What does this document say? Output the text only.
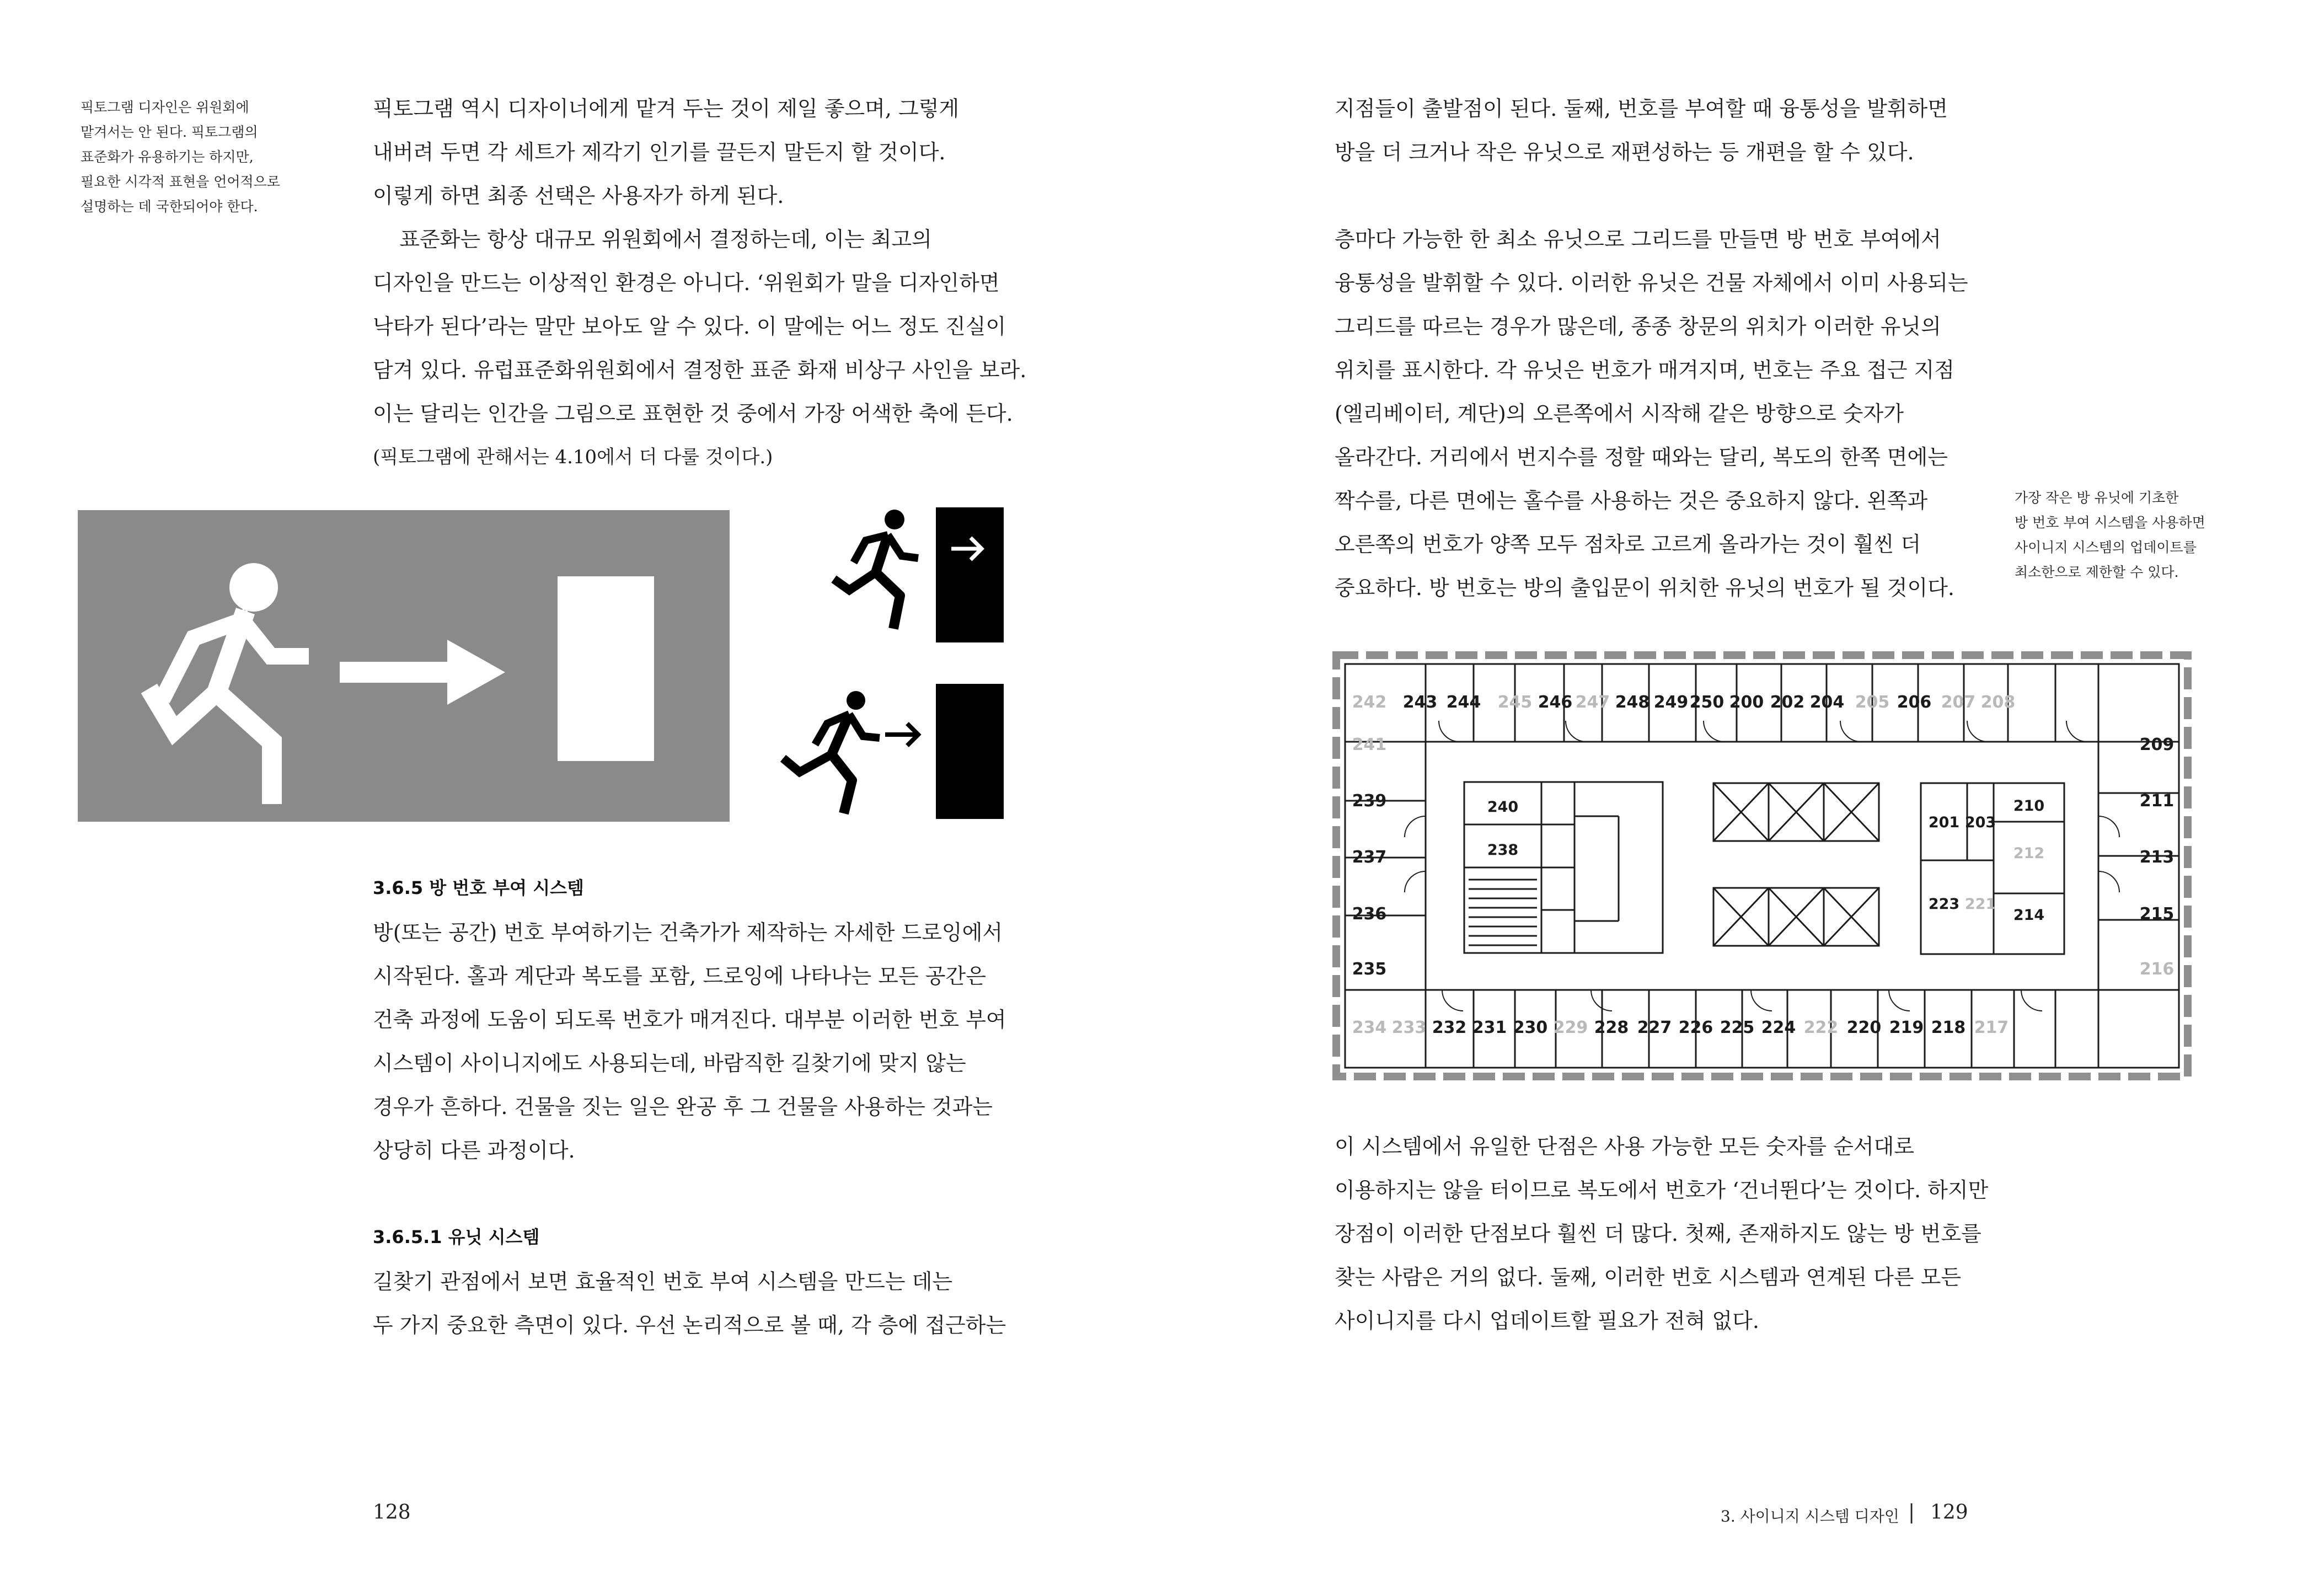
픽토그램 디자인은 위원회에
맡겨서는 안 된다. 픽토그램의
표준화가 유용하기는 하지만,
필요한 시각적 표현을 언어적으로
설명하는 데 국한되어야 한다.
픽토그램 역시 디자이너에게 맡겨 두는 것이 제일 좋으며, 그렇게
내버려 두면 각 세트가 제각기 인기를 끌든지 말든지 할 것이다.
이렇게 하면 최종 선택은 사용자가 하게 된다.
표준화는 항상 대규모 위원회에서 결정하는데, 이는 최고의
디자인을 만드는 이상적인 환경은 아니다. ‘위원회가 말을 디자인하면
낙타가 된다’라는 말만 보아도 알 수 있다. 이 말에는 어느 정도 진실이
담겨 있다. 유럽표준화위원회에서 결정한 표준 화재 비상구 사인을 보라.
이는 달리는 인간을 그림으로 표현한 것 중에서 가장 어색한 축에 든다.
(픽토그램에 관해서는 4.10에서 더 다룰 것이다.)
3.6.5 방 번호 부여 시스템
방(또는 공간) 번호 부여하기는 건축가가 제작하는 자세한 드로잉에서
시작된다. 홀과 계단과 복도를 포함, 드로잉에 나타나는 모든 공간은
건축 과정에 도움이 되도록 번호가 매겨진다. 대부분 이러한 번호 부여
시스템이 사이니지에도 사용되는데, 바람직한 길찾기에 맞지 않는
경우가 흔하다. 건물을 짓는 일은 완공 후 그 건물을 사용하는 것과는
상당히 다른 과정이다.
3.6.5.1 유닛 시스템
길찾기 관점에서 보면 효율적인 번호 부여 시스템을 만드는 데는
두 가지 중요한 측면이 있다. 우선 논리적으로 볼 때, 각 층에 접근하는
128
지점들이 출발점이 된다. 둘째, 번호를 부여할 때 융통성을 발휘하면
방을 더 크거나 작은 유닛으로 재편성하는 등 개편을 할 수 있다.
층마다 가능한 한 최소 유닛으로 그리드를 만들면 방 번호 부여에서
융통성을 발휘할 수 있다. 이러한 유닛은 건물 자체에서 이미 사용되는
그리드를 따르는 경우가 많은데, 종종 창문의 위치가 이러한 유닛의
위치를 표시한다. 각 유닛은 번호가 매겨지며, 번호는 주요 접근 지점
(엘리베이터, 계단)의 오른쪽에서 시작해 같은 방향으로 숫자가
올라간다. 거리에서 번지수를 정할 때와는 달리, 복도의 한쪽 면에는
짝수를, 다른 면에는 홀수를 사용하는 것은 중요하지 않다. 왼쪽과
오른쪽의 번호가 양쪽 모두 점차로 고르게 올라가는 것이 훨씬 더
중요하다. 방 번호는 방의 출입문이 위치한 유닛의 번호가 될 것이다.
가장 작은 방 유닛에 기초한
방 번호 부여 시스템을 사용하면
사이니지 시스템의 업데이트를
최소한으로 제한할 수 있다.
242 243 244 245 246 247 248 249 250 200 202 204 205 206 207 208
234 233 232 231 230 229 228 227 226 225 224 222 220 219 218 217
241
239
237
236
235
209
211
213
215
216
240
238
201 203
210
212
223 221
214
이 시스템에서 유일한 단점은 사용 가능한 모든 숫자를 순서대로
이용하지는 않을 터이므로 복도에서 번호가 ‘건너뛴다’는 것이다. 하지만
장점이 이러한 단점보다 훨씬 더 많다. 첫째, 존재하지도 않는 방 번호를
찾는 사람은 거의 없다. 둘째, 이러한 번호 시스템과 연계된 다른 모든
사이니지를 다시 업데이트할 필요가 전혀 없다.
3. 사이니지 시스템 디자인 | 129
